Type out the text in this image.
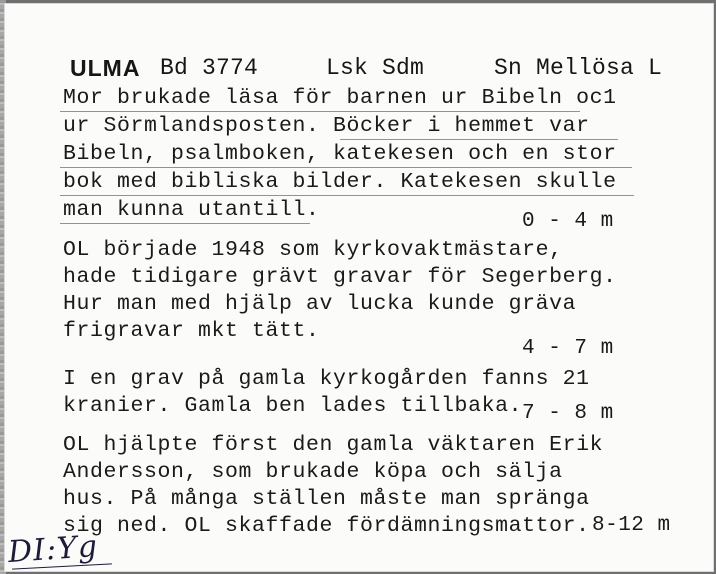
ULMA Bd 3774	Lsk Sdm	Sn Mellösa L
Mor brukade läsa för barnen ur Bibeln oc1
ur Sörmlandsposten. Böcker i hemmet var
Bibeln, psalmboken, katekesen och en stor
bok med bibliska bilder. Katekesen skulle
man kunna utantill.	0 - 4 m
OL började 1948 som kyrkovaktmästare,
hade tidigare grävt gravar för Segerberg.
Hur man med hjälp av lucka kunde gräva
frigravar mkt tätt.
4 - 7 m
I en grav på gamla kyrkogården fanns 21
kranier. Gamla ben lades tillbaka. 7 - 8 m
OL hjälpte först den gamla väktaren Erik
Andersson, som brukade köpa och sälja
hus. På många ställen måste man spränga
sig ned. OL skaffade fördämningsmattor. 8-12 m
DI:Yg
